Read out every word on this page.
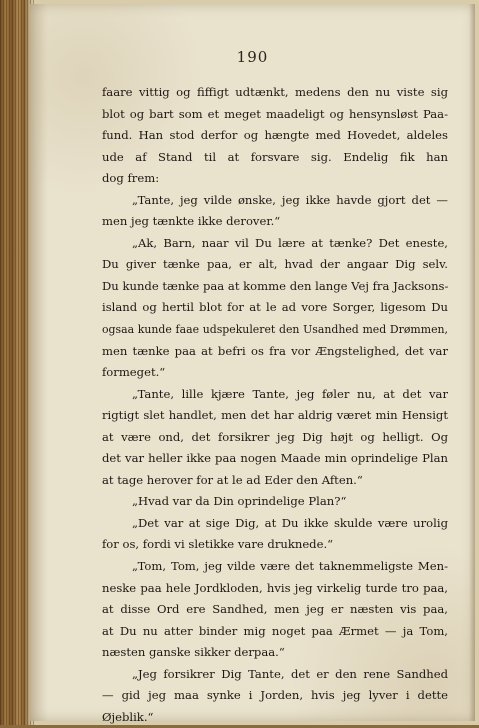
190
faare vittig og fiffigt udtænkt, medens den nu viste sig
blot og bart som et meget maadeligt og hensynsløst Paa-
fund. Han stod derfor og hængte med Hovedet, aldeles
ude af Stand til at forsvare sig. Endelig fik han
dog frem:
„Tante, jeg vilde ønske, jeg ikke havde gjort det —
men jeg tænkte ikke derover.“
„Ak, Barn, naar vil Du lære at tænke? Det eneste,
Du giver tænke paa, er alt, hvad der angaar Dig selv.
Du kunde tænke paa at komme den lange Vej fra Jacksons-
island og hertil blot for at le ad vore Sorger, ligesom Du
ogsaa kunde faae udspekuleret den Usandhed med Drømmen,
men tænke paa at befri os fra vor Ængstelighed, det var
formeget.“
„Tante, lille kjære Tante, jeg føler nu, at det var
rigtigt slet handlet, men det har aldrig været min Hensigt
at være ond, det forsikrer jeg Dig højt og helligt. Og
det var heller ikke paa nogen Maade min oprindelige Plan
at tage herover for at le ad Eder den Aften.“
„Hvad var da Din oprindelige Plan?“
„Det var at sige Dig, at Du ikke skulde være urolig
for os, fordi vi sletikke vare druknede.“
„Tom, Tom, jeg vilde være det taknemmeligste Men-
neske paa hele Jordkloden, hvis jeg virkelig turde tro paa,
at disse Ord ere Sandhed, men jeg er næsten vis paa,
at Du nu atter binder mig noget paa Ærmet — ja Tom,
næsten ganske sikker derpaa.“
„Jeg forsikrer Dig Tante, det er den rene Sandhed
— gid jeg maa synke i Jorden, hvis jeg lyver i dette
Øjeblik.“
